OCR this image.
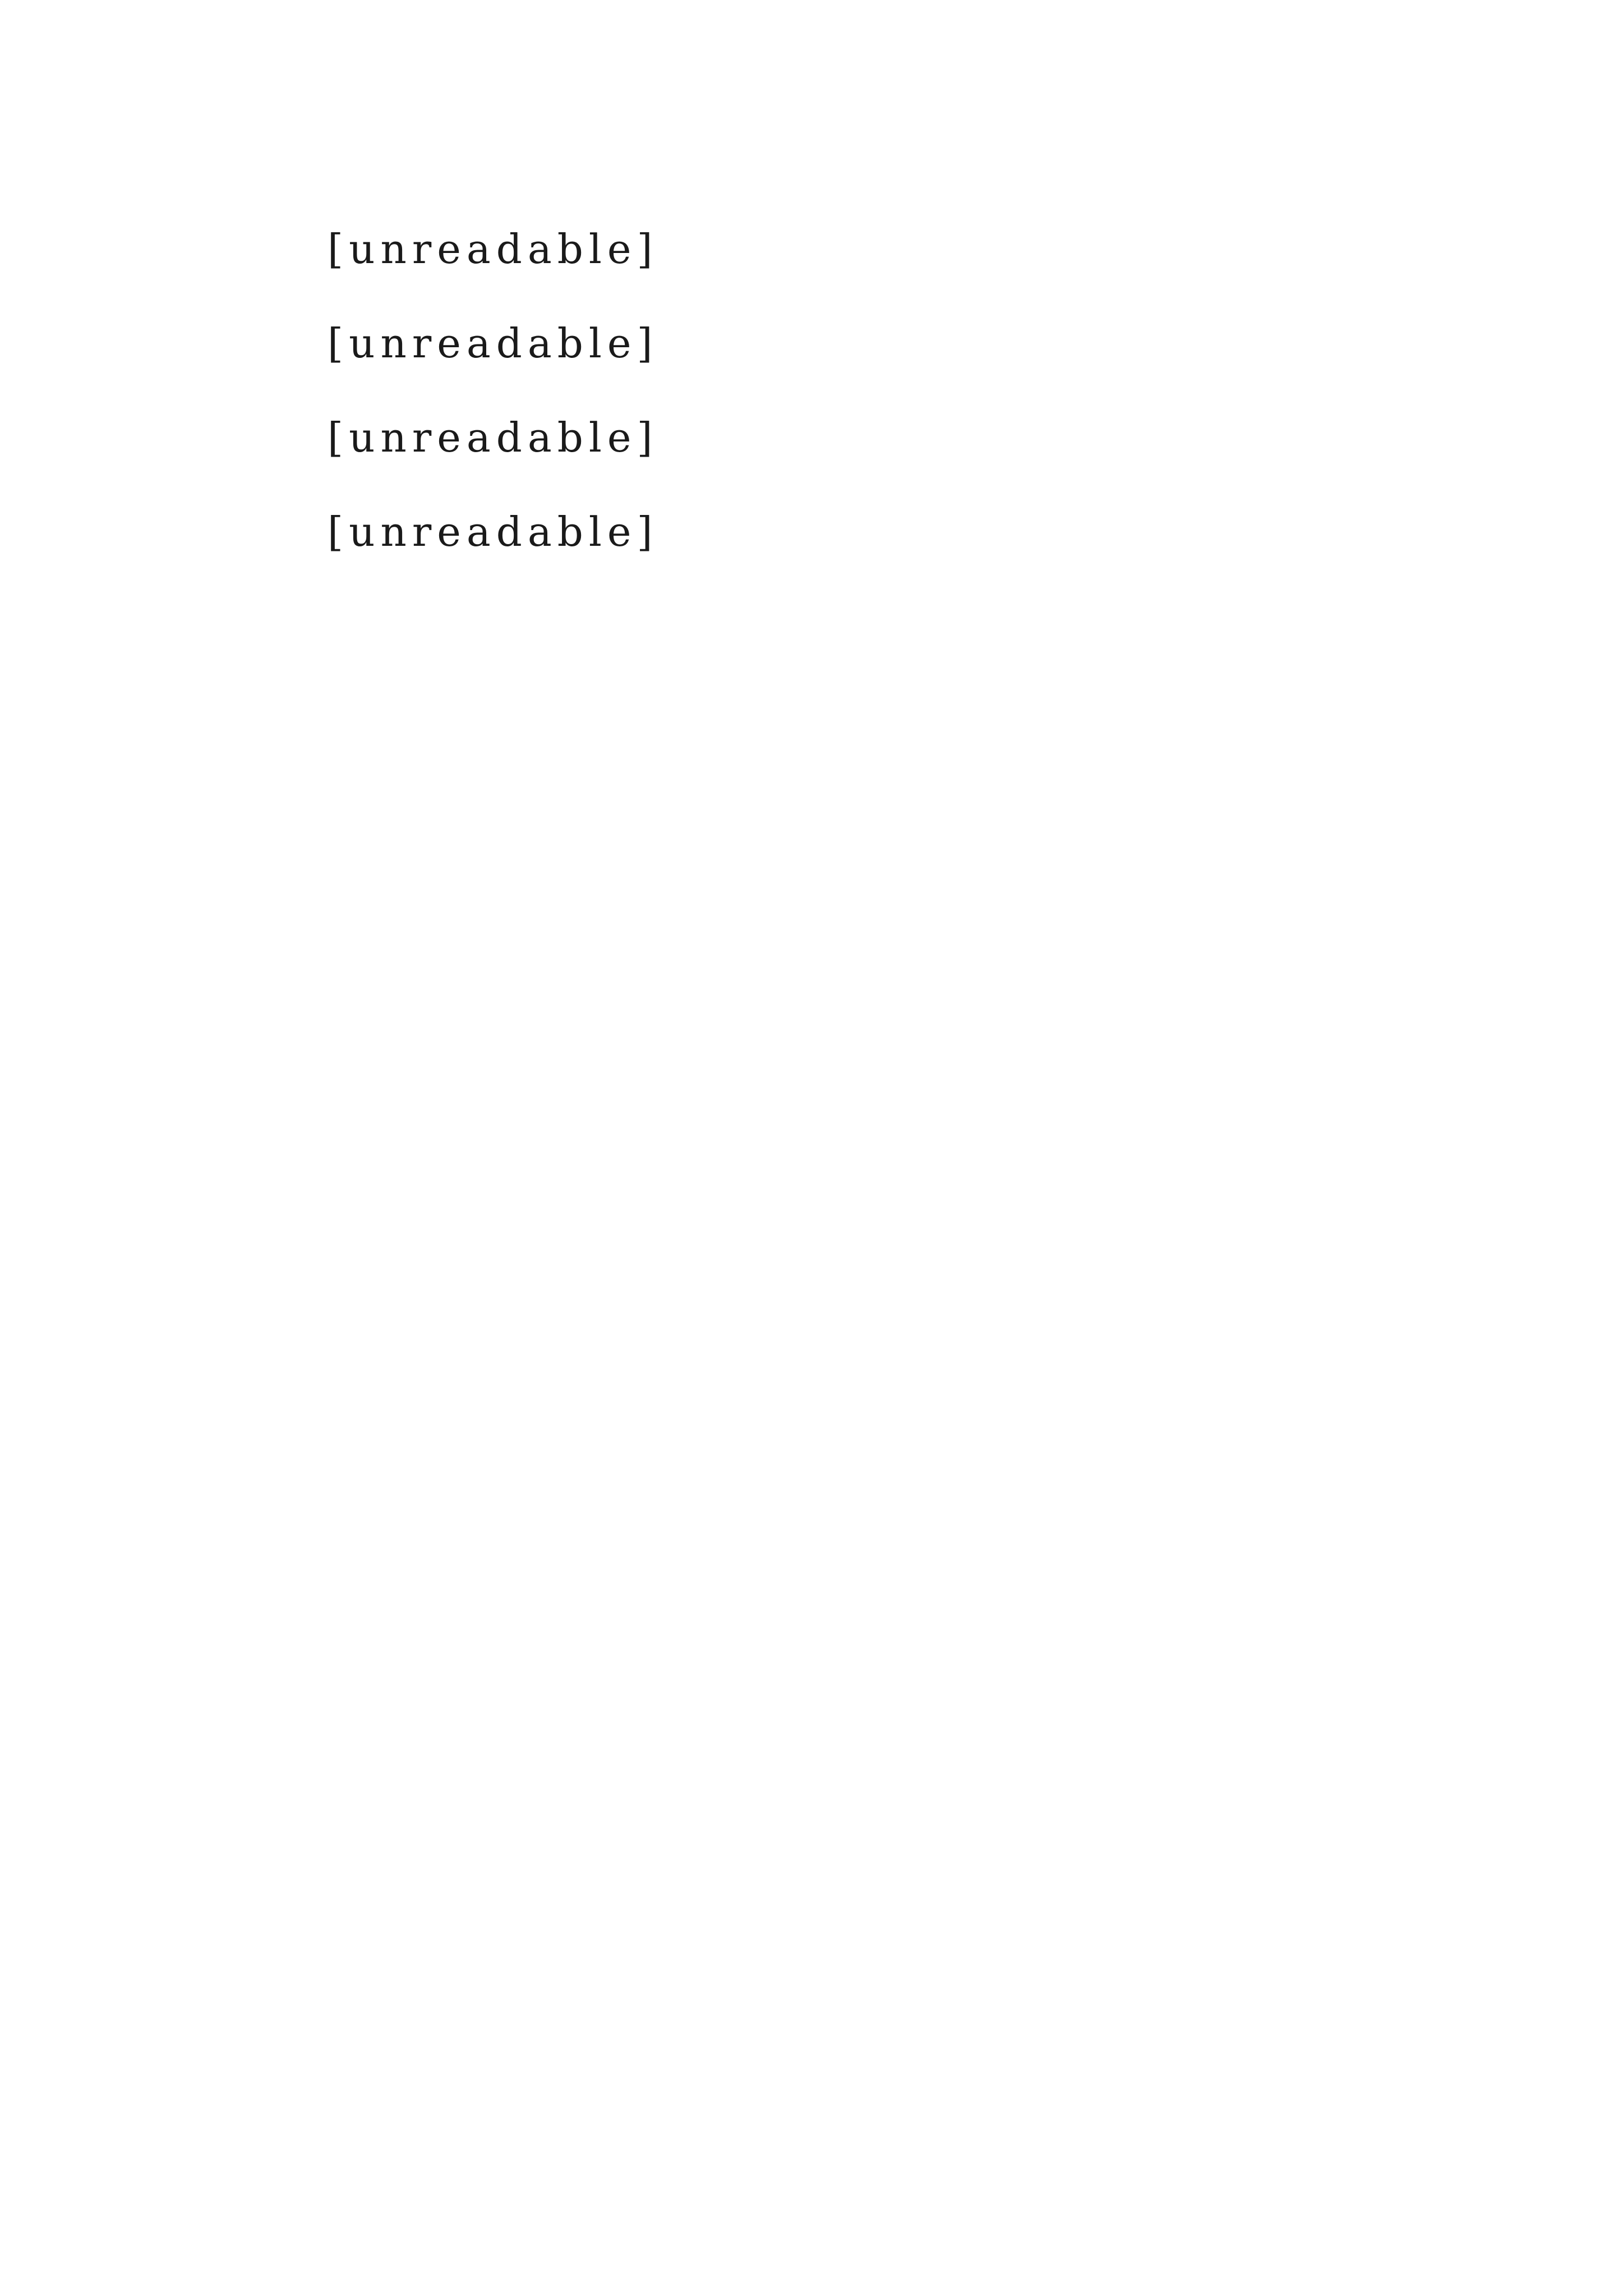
[unreadable]

[unreadable]

[unreadable]

[unreadable]
